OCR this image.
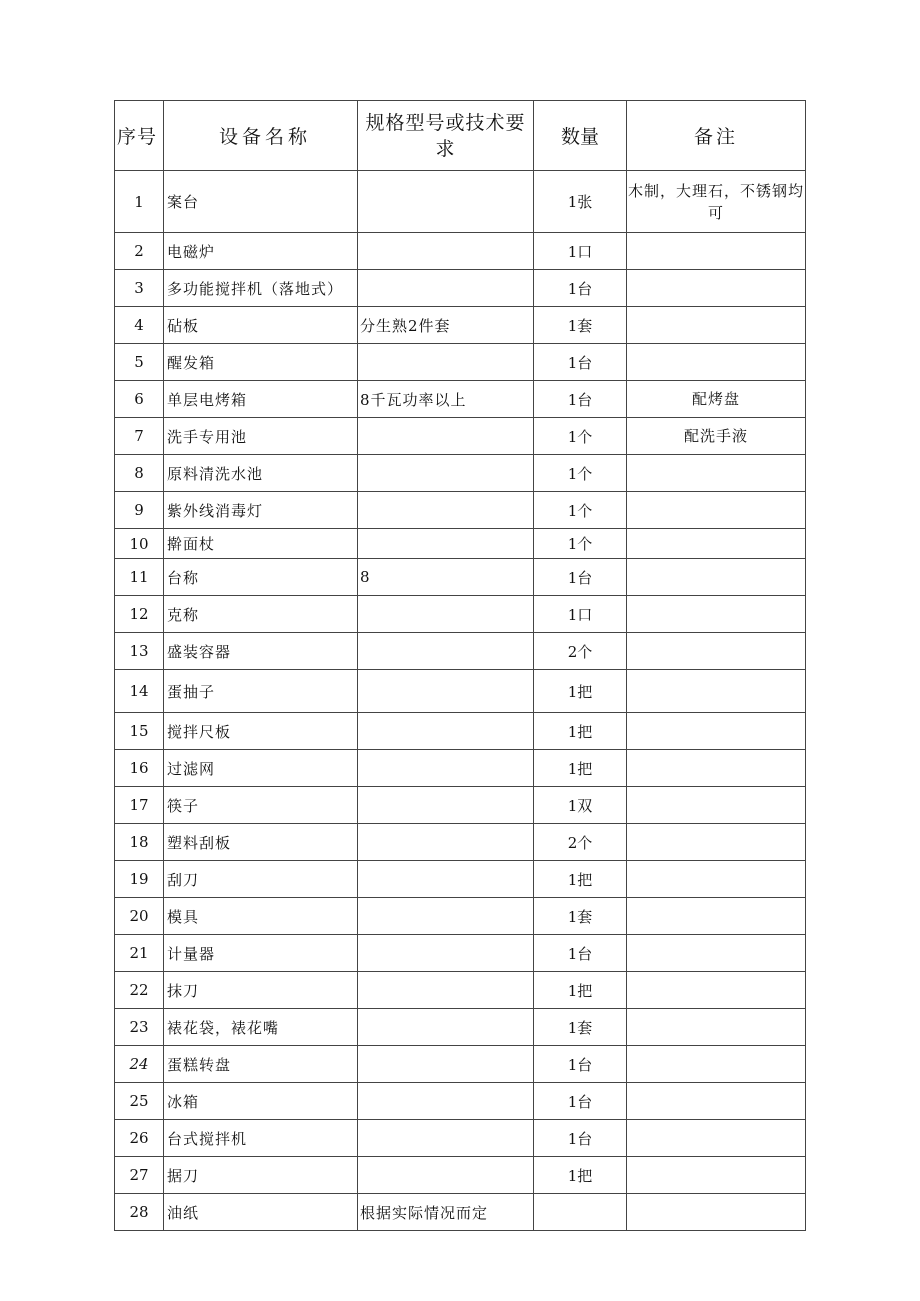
序号	设备名称	规格型号或技术要求	数量	备注
1	案台		1张	木制，大理石，不锈钢均可
2	电磁炉		1口	
3	多功能搅拌机（落地式）		1台	
4	砧板	分生熟2件套	1套	
5	醒发箱		1台	
6	单层电烤箱	8千瓦功率以上	1台	配烤盘
7	洗手专用池		1个	配洗手液
8	原料清洗水池		1个	
9	紫外线消毒灯		1个	
10	擀面杖		1个	
11	台称	8	1台	
12	克称		1口	
13	盛装容器		2个	
14	蛋抽子		1把	
15	搅拌尺板		1把	
16	过滤网		1把	
17	筷子		1双	
18	塑料刮板		2个	
19	刮刀		1把	
20	模具		1套	
21	计量器		1台	
22	抹刀		1把	
23	裱花袋，裱花嘴		1套	
24	蛋糕转盘		1台	
25	冰箱		1台	
26	台式搅拌机		1台	
27	据刀		1把	
28	油纸	根据实际情况而定		
